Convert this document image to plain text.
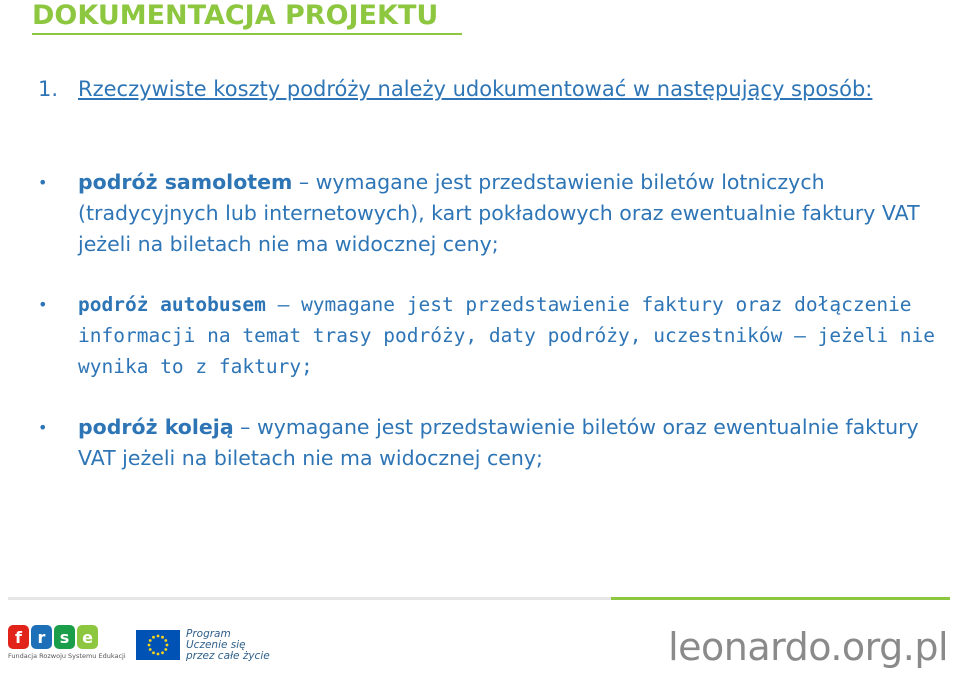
DOKUMENTACJA PROJEKTU
1. Rzeczywiste koszty podróży należy udokumentować w następujący sposób:
• podróż samolotem – wymagane jest przedstawienie biletów lotniczych (tradycyjnych lub internetowych), kart pokładowych oraz ewentualnie faktury VAT jeżeli na biletach nie ma widocznej ceny;
• podróż autobusem – wymagane jest przedstawienie faktury oraz dołączenie informacji na temat trasy podróży, daty podróży, uczestników – jeżeli nie wynika to z faktury;
• podróż koleją – wymagane jest przedstawienie biletów oraz ewentualnie faktury VAT jeżeli na biletach nie ma widocznej ceny;
f r s e
Fundacja Rozwoju Systemu Edukacji
Program
Uczenie się
przez całe życie	leonardo.org.pl
